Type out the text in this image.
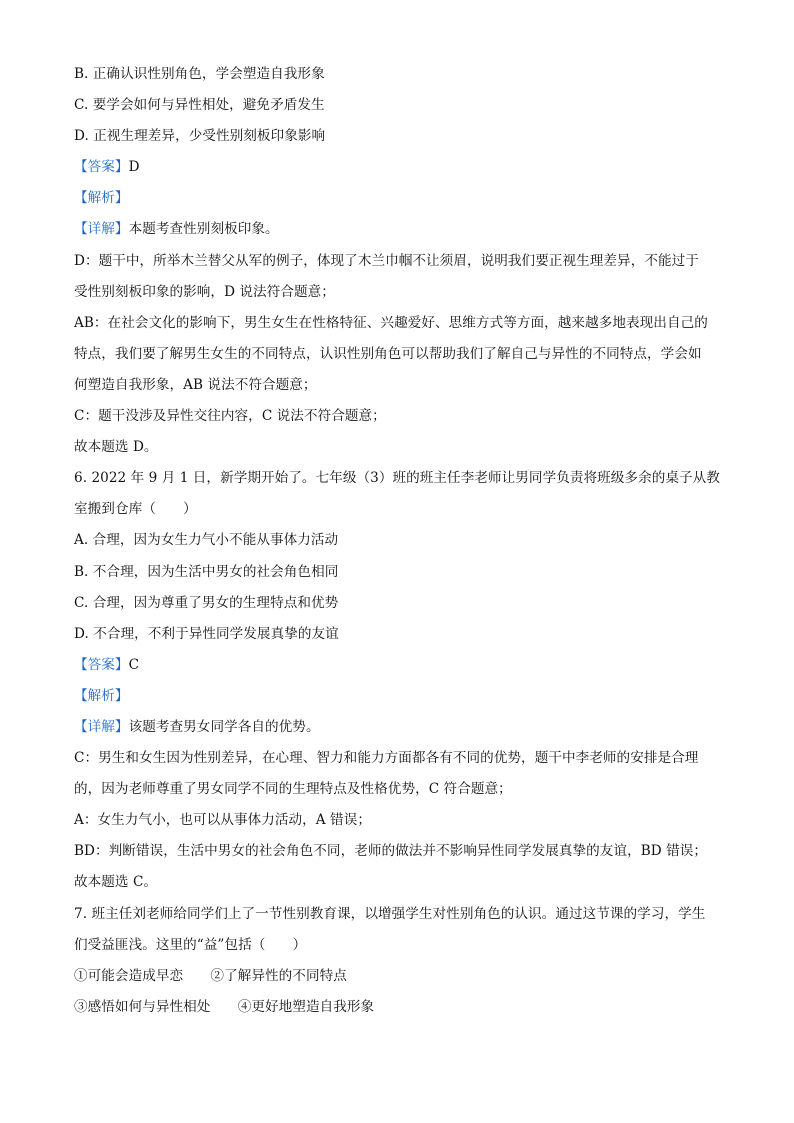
B. 正确认识性别角色，学会塑造自我形象
C. 要学会如何与异性相处，避免矛盾发生
D. 正视生理差异，少受性别刻板印象影响
【答案】D
【解析】
【详解】本题考查性别刻板印象。
D：题干中，所举木兰替父从军的例子，体现了木兰巾帼不让须眉，说明我们要正视生理差异，不能过于
受性别刻板印象的影响，D 说法符合题意；
AB：在社会文化的影响下，男生女生在性格特征、兴趣爱好、思维方式等方面，越来越多地表现出自己的
特点，我们要了解男生女生的不同特点，认识性别角色可以帮助我们了解自己与异性的不同特点，学会如
何塑造自我形象，AB 说法不符合题意；
C：题干没涉及异性交往内容，C 说法不符合题意；
故本题选 D。
6. 2022 年 9 月 1 日，新学期开始了。七年级（3）班的班主任李老师让男同学负责将班级多余的桌子从教
室搬到仓库（　　）
A. 合理，因为女生力气小不能从事体力活动
B. 不合理，因为生活中男女的社会角色相同
C. 合理，因为尊重了男女的生理特点和优势
D. 不合理，不利于异性同学发展真挚的友谊
【答案】C
【解析】
【详解】该题考查男女同学各自的优势。
C：男生和女生因为性别差异，在心理、智力和能力方面都各有不同的优势，题干中李老师的安排是合理
的，因为老师尊重了男女同学不同的生理特点及性格优势，C 符合题意；
A：女生力气小，也可以从事体力活动，A 错误；
BD：判断错误，生活中男女的社会角色不同，老师的做法并不影响异性同学发展真挚的友谊，BD 错误；
故本题选 C。
7. 班主任刘老师给同学们上了一节性别教育课，以增强学生对性别角色的认识。通过这节课的学习，学生
们受益匪浅。这里的“益”包括（　　）
①可能会造成早恋　　②了解异性的不同特点
③感悟如何与异性相处　　④更好地塑造自我形象
